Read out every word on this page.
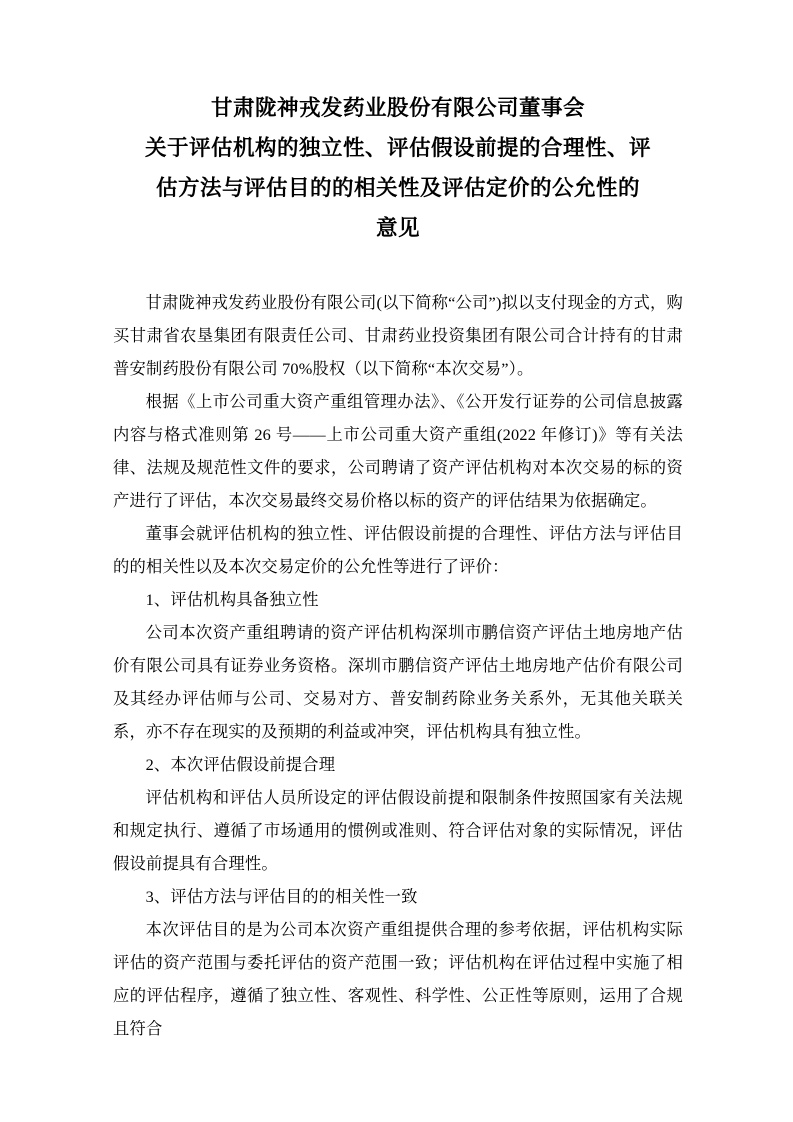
甘肃陇神戎发药业股份有限公司董事会
关于评估机构的独立性、评估假设前提的合理性、评
估方法与评估目的的相关性及评估定价的公允性的
意见

甘肃陇神戎发药业股份有限公司(以下简称“公司”)拟以支付现金的方式，购买甘肃省农垦集团有限责任公司、甘肃药业投资集团有限公司合计持有的甘肃普安制药股份有限公司 70%股权（以下简称“本次交易”）。

根据《上市公司重大资产重组管理办法》、《公开发行证券的公司信息披露内容与格式准则第 26 号——上市公司重大资产重组(2022 年修订)》等有关法律、法规及规范性文件的要求，公司聘请了资产评估机构对本次交易的标的资产进行了评估，本次交易最终交易价格以标的资产的评估结果为依据确定。

董事会就评估机构的独立性、评估假设前提的合理性、评估方法与评估目的的相关性以及本次交易定价的公允性等进行了评价：

1、评估机构具备独立性

公司本次资产重组聘请的资产评估机构深圳市鹏信资产评估土地房地产估价有限公司具有证券业务资格。深圳市鹏信资产评估土地房地产估价有限公司及其经办评估师与公司、交易对方、普安制药除业务关系外，无其他关联关系，亦不存在现实的及预期的利益或冲突，评估机构具有独立性。

2、本次评估假设前提合理

评估机构和评估人员所设定的评估假设前提和限制条件按照国家有关法规和规定执行、遵循了市场通用的惯例或准则、符合评估对象的实际情况，评估假设前提具有合理性。

3、评估方法与评估目的的相关性一致

本次评估目的是为公司本次资产重组提供合理的参考依据，评估机构实际评估的资产范围与委托评估的资产范围一致；评估机构在评估过程中实施了相应的评估程序，遵循了独立性、客观性、科学性、公正性等原则，运用了合规且符合
